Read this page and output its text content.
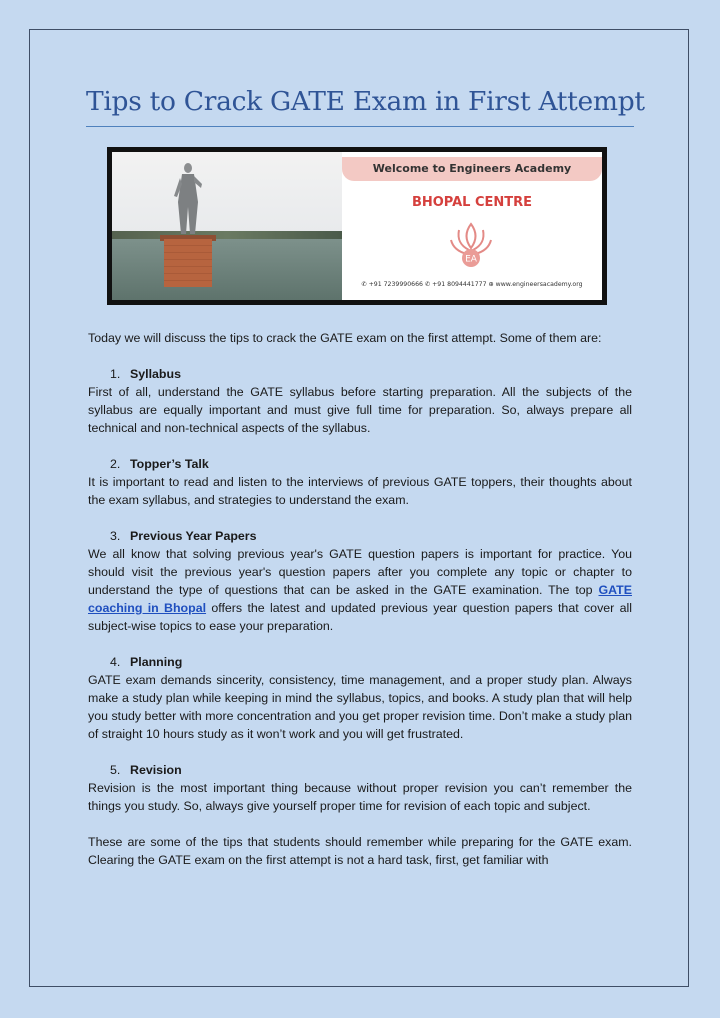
Tips to Crack GATE Exam in First Attempt
Welcome to Engineers Academy
BHOPAL CENTRE
EA
✆ +91 7239990666 ✆ +91 8094441777 ⊕ www.engineersacademy.org

Today we will discuss the tips to crack the GATE exam on the first attempt. Some of them are:

1. Syllabus

First of all, understand the GATE syllabus before starting preparation. All the subjects of the syllabus are equally important and must give full time for preparation. So, always prepare all technical and non-technical aspects of the syllabus.

2. Topper’s Talk

It is important to read and listen to the interviews of previous GATE toppers, their thoughts about the exam syllabus, and strategies to understand the exam.

3. Previous Year Papers

We all know that solving previous year's GATE question papers is important for practice. You should visit the previous year's question papers after you complete any topic or chapter to understand the type of questions that can be asked in the GATE examination. The top GATE coaching in Bhopal offers the latest and updated previous year question papers that cover all subject-wise topics to ease your preparation.

4. Planning

GATE exam demands sincerity, consistency, time management, and a proper study plan. Always make a study plan while keeping in mind the syllabus, topics, and books. A study plan that will help you study better with more concentration and you get proper revision time. Don’t make a study plan of straight 10 hours study as it won’t work and you will get frustrated.

5. Revision

Revision is the most important thing because without proper revision you can’t remember the things you study. So, always give yourself proper time for revision of each topic and subject.

These are some of the tips that students should remember while preparing for the GATE exam. Clearing the GATE exam on the first attempt is not a hard task, first, get familiar with
